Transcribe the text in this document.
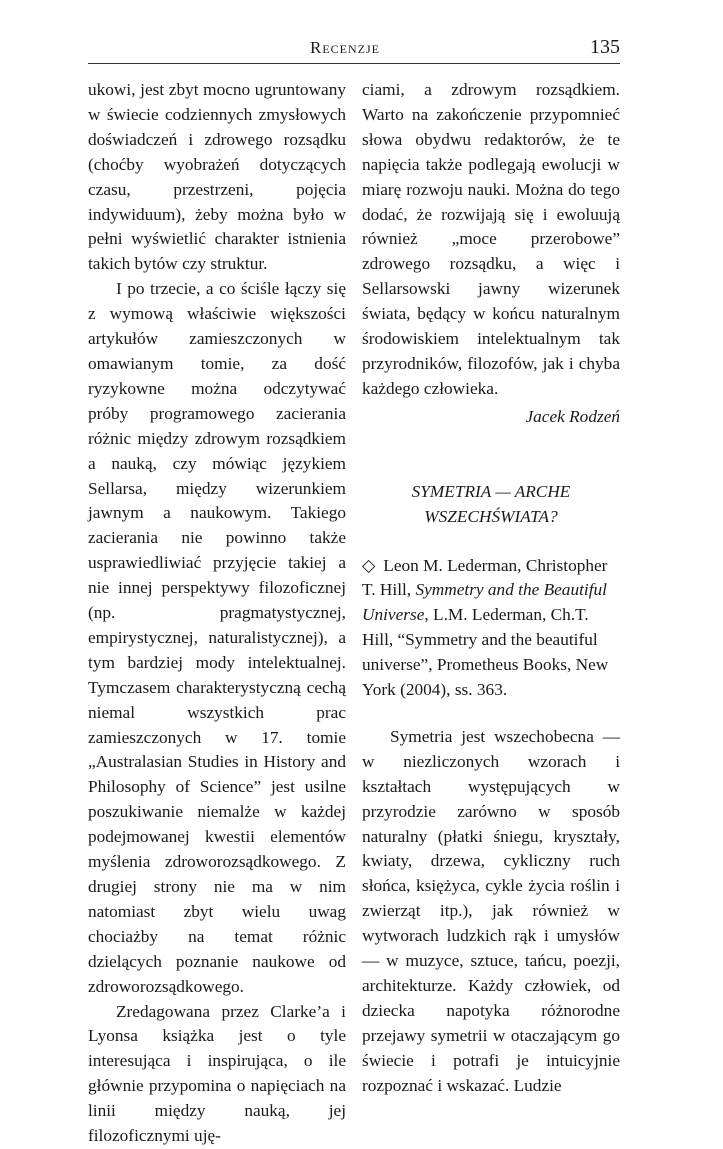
Recenzje	135

ukowi, jest zbyt mocno ugruntowany w świecie codziennych zmysłowych doświadczeń i zdrowego rozsądku (choćby wyobrażeń dotyczących czasu, przestrzeni, pojęcia indywiduum), żeby można było w pełni wyświetlić charakter istnienia takich bytów czy struktur.

I po trzecie, a co ściśle łączy się z wymową właściwie większości artykułów zamieszczonych w omawianym tomie, za dość ryzykowne można odczytywać próby programowego zacierania różnic między zdrowym rozsądkiem a nauką, czy mówiąc językiem Sellarsa, między wizerunkiem jawnym a naukowym. Takiego zacierania nie powinno także usprawiedliwiać przyjęcie takiej a nie innej perspektywy filozoficznej (np. pragmatystycznej, empirystycznej, naturalistycznej), a tym bardziej mody intelektualnej. Tymczasem charakterystyczną cechą niemal wszystkich prac zamieszczonych w 17. tomie „Australasian Studies in History and Philosophy of Science” jest usilne poszukiwanie niemalże w każdej podejmowanej kwestii elementów myślenia zdroworozsądkowego. Z drugiej strony nie ma w nim natomiast zbyt wielu uwag chociażby na temat różnic dzielących poznanie naukowe od zdroworozsądkowego.

Zredagowana przez Clarke’a i Lyonsa książka jest o tyle interesująca i inspirująca, o ile głównie przypomina o napięciach na linii między nauką, jej filozoficznymi uję-

ciami, a zdrowym rozsądkiem. Warto na zakończenie przypomnieć słowa obydwu redaktorów, że te napięcia także podlegają ewolucji w miarę rozwoju nauki. Można do tego dodać, że rozwijają się i ewoluują również „moce przerobowe” zdrowego rozsądku, a więc i Sellarsowski jawny wizerunek świata, będący w końcu naturalnym środowiskiem intelektualnym tak przyrodników, filozofów, jak i chyba każdego człowieka.

Jacek Rodzeń

SYMETRIA — ARCHE
WSZECHŚWIATA?

◇ Leon M. Lederman, Christopher T. Hill, Symmetry and the Beautiful Universe, L.M. Lederman, Ch.T. Hill, “Symmetry and the beautiful universe”, Prometheus Books, New York (2004), ss. 363.

Symetria jest wszechobecna — w niezliczonych wzorach i kształtach występujących w przyrodzie zarówno w sposób naturalny (płatki śniegu, kryształy, kwiaty, drzewa, cykliczny ruch słońca, księżyca, cykle życia roślin i zwierząt itp.), jak również w wytworach ludzkich rąk i umysłów — w muzyce, sztuce, tańcu, poezji, architekturze. Każdy człowiek, od dziecka napotyka różnorodne przejawy symetrii w otaczającym go świecie i potrafi je intuicyjnie rozpoznać i wskazać. Ludzie
